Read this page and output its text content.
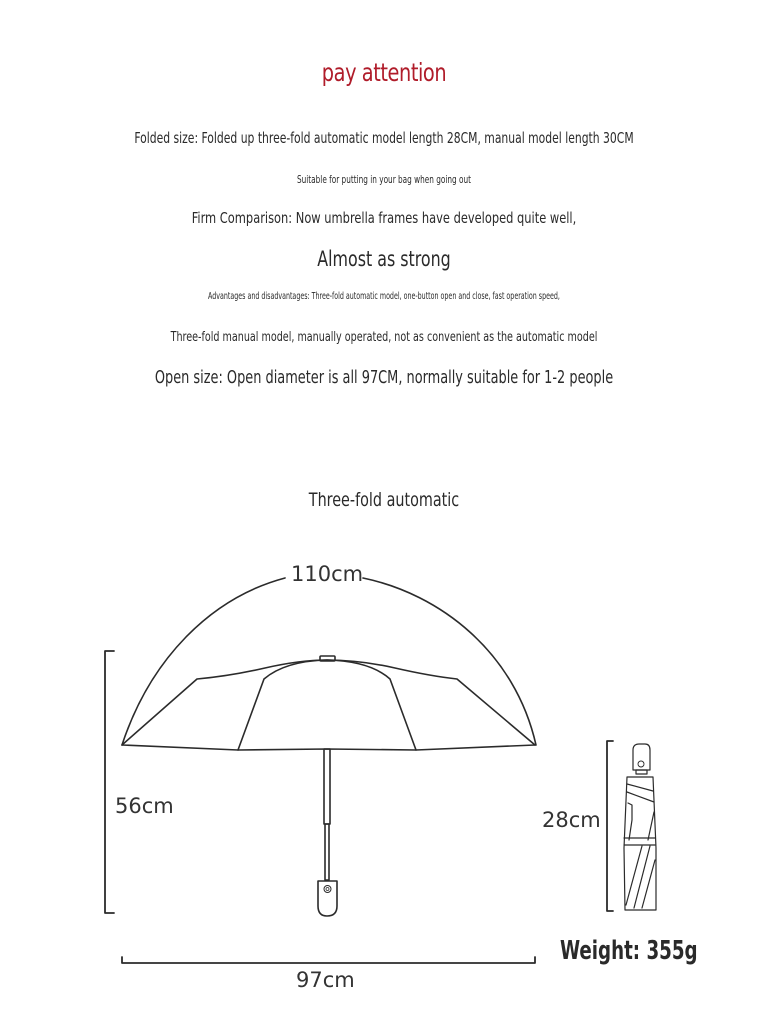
pay attention
Folded size: Folded up three-fold automatic model length 28CM, manual model length 30CM
Suitable for putting in your bag when going out
Firm Comparison: Now umbrella frames have developed quite well,
Almost as strong
Advantages and disadvantages: Three-fold automatic model, one-button open and close, fast operation speed,
Three-fold manual model, manually operated, not as convenient as the automatic model
Open size: Open diameter is all 97CM, normally suitable for 1-2 people
Three-fold automatic
110cm
56cm
97cm
28cm
Weight: 355g
